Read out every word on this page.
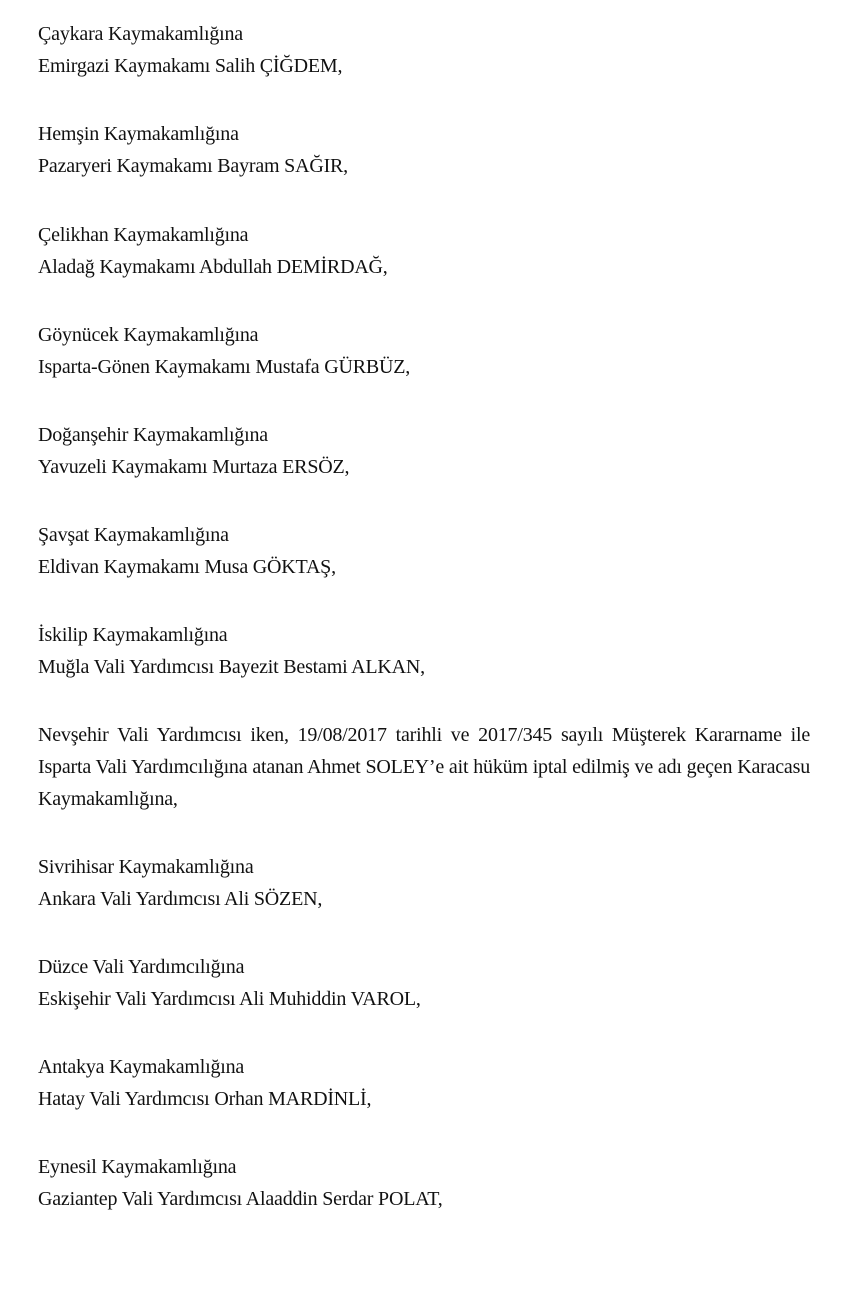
Çaykara Kaymakamlığına
Emirgazi Kaymakamı Salih ÇİĞDEM,
Hemşin Kaymakamlığına
Pazaryeri Kaymakamı Bayram SAĞIR,
Çelikhan Kaymakamlığına
Aladağ Kaymakamı Abdullah DEMİRDAĞ,
Göynücek Kaymakamlığına
Isparta-Gönen Kaymakamı Mustafa GÜRBÜZ,
Doğanşehir Kaymakamlığına
Yavuzeli Kaymakamı Murtaza ERSÖZ,
Şavşat Kaymakamlığına
Eldivan Kaymakamı Musa GÖKTAŞ,
İskilip Kaymakamlığına
Muğla Vali Yardımcısı Bayezit Bestami ALKAN,
Nevşehir Vali Yardımcısı iken, 19/08/2017 tarihli ve 2017/345 sayılı Müşterek Kararname ile Isparta Vali Yardımcılığına atanan Ahmet SOLEY’e ait hüküm iptal edilmiş ve adı geçen Karacasu Kaymakamlığına,
Sivrihisar Kaymakamlığına
Ankara Vali Yardımcısı Ali SÖZEN,
Düzce Vali Yardımcılığına
Eskişehir Vali Yardımcısı Ali Muhiddin VAROL,
Antakya Kaymakamlığına
Hatay Vali Yardımcısı Orhan MARDİNLİ,
Eynesil Kaymakamlığına
Gaziantep Vali Yardımcısı Alaaddin Serdar POLAT,
